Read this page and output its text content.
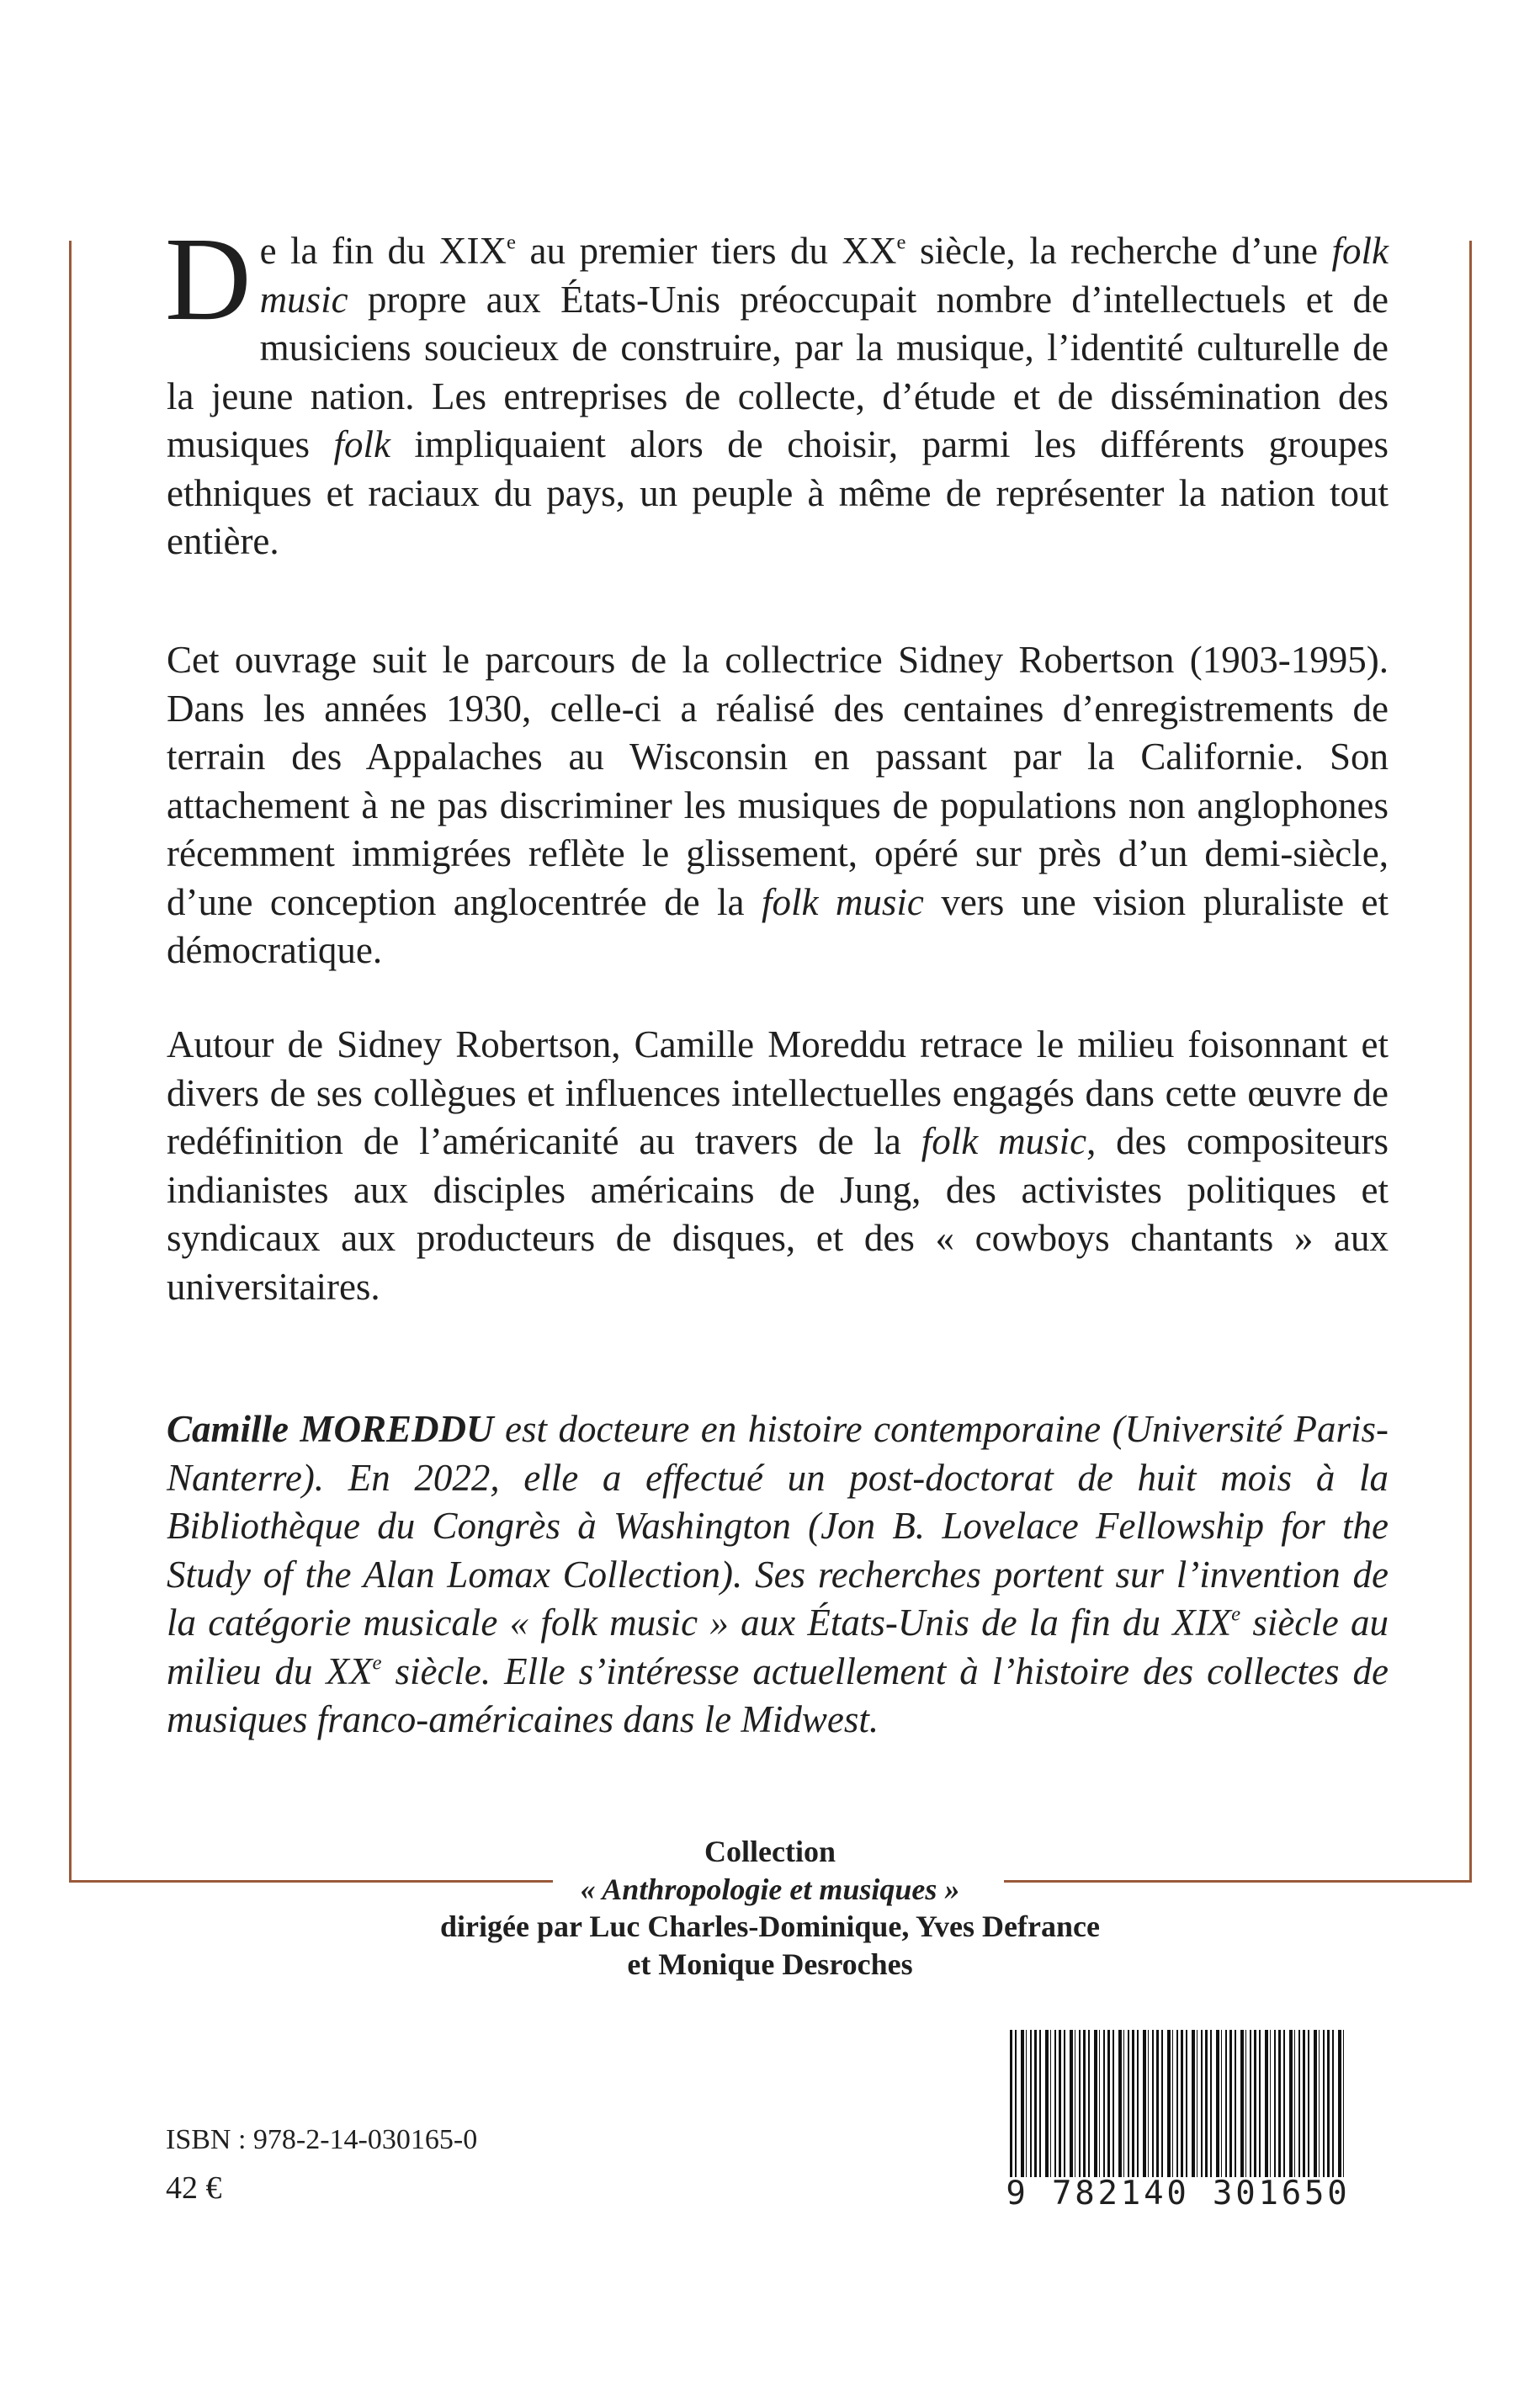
De la fin du XIXe au premier tiers du XXe siècle, la recherche d’une folk music propre aux États-Unis préoccupait nombre d’intellectuels et de musiciens soucieux de construire, par la musique, l’identité culturelle de la jeune nation. Les entreprises de collecte, d’étude et de dissémination des musiques folk impliquaient alors de choisir, parmi les différents groupes ethniques et raciaux du pays, un peuple à même de représenter la nation tout entière.

Cet ouvrage suit le parcours de la collectrice Sidney Robertson (1903-1995). Dans les années 1930, celle-ci a réalisé des centaines d’enregistrements de terrain des Appalaches au Wisconsin en passant par la Californie. Son attachement à ne pas discriminer les musiques de populations non anglophones récemment immigrées reflète le glissement, opéré sur près d’un demi-siècle, d’une conception anglocentrée de la folk music vers une vision pluraliste et démocratique.

Autour de Sidney Robertson, Camille Moreddu retrace le milieu foisonnant et divers de ses collègues et influences intellectuelles engagés dans cette œuvre de redéfinition de l’américanité au travers de la folk music, des compositeurs indianistes aux disciples américains de Jung, des activistes politiques et syndicaux aux producteurs de disques, et des « cowboys chantants » aux universitaires.

Camille MOREDDU est docteure en histoire contemporaine (Université Paris-Nanterre). En 2022, elle a effectué un post-doctorat de huit mois à la Bibliothèque du Congrès à Washington (Jon B. Lovelace Fellowship for the Study of the Alan Lomax Collection). Ses recherches portent sur l’invention de la catégorie musicale « folk music » aux États-Unis de la fin du XIXe siècle au milieu du XXe siècle. Elle s’intéresse actuellement à l’histoire des collectes de musiques franco-américaines dans le Midwest.

Collection
« Anthropologie et musiques »
dirigée par Luc Charles-Dominique, Yves Defrance
et Monique Desroches

ISBN : 978-2-14-030165-0

42 €	9 782140 301650
